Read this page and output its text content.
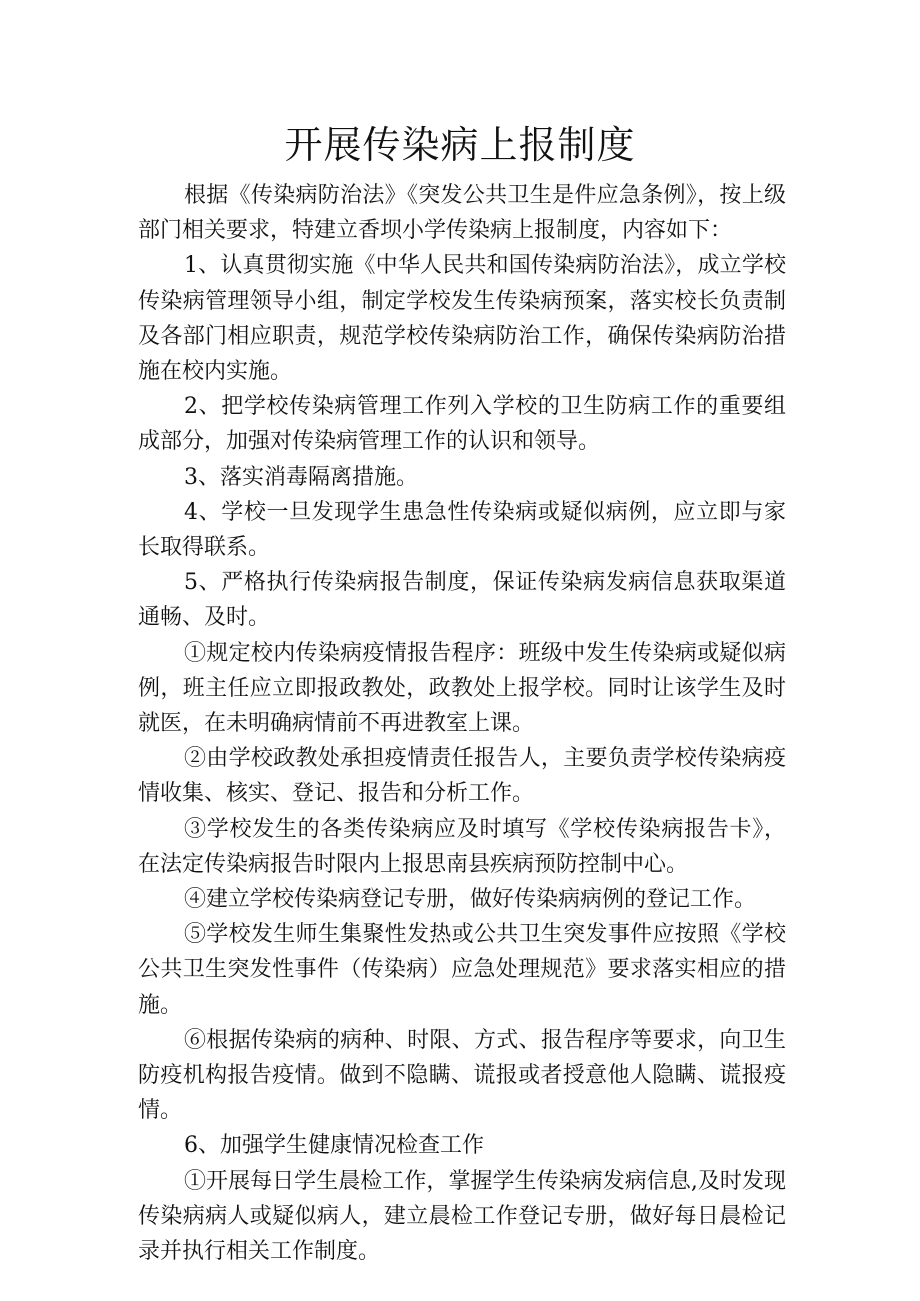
开展传染病上报制度

根据《传染病防治法》《突发公共卫生是件应急条例》，按上级部门相关要求，特建立香坝小学传染病上报制度，内容如下：

1、认真贯彻实施《中华人民共和国传染病防治法》，成立学校传染病管理领导小组，制定学校发生传染病预案，落实校长负责制及各部门相应职责，规范学校传染病防治工作，确保传染病防治措施在校内实施。

2、把学校传染病管理工作列入学校的卫生防病工作的重要组成部分，加强对传染病管理工作的认识和领导。

3、落实消毒隔离措施。

4、学校一旦发现学生患急性传染病或疑似病例，应立即与家长取得联系。

5、严格执行传染病报告制度，保证传染病发病信息获取渠道通畅、及时。

①规定校内传染病疫情报告程序：班级中发生传染病或疑似病例，班主任应立即报政教处，政教处上报学校。同时让该学生及时就医，在未明确病情前不再进教室上课。

②由学校政教处承担疫情责任报告人，主要负责学校传染病疫情收集、核实、登记、报告和分析工作。

③学校发生的各类传染病应及时填写《学校传染病报告卡》，在法定传染病报告时限内上报思南县疾病预防控制中心。

④建立学校传染病登记专册，做好传染病病例的登记工作。

⑤学校发生师生集聚性发热或公共卫生突发事件应按照《学校公共卫生突发性事件（传染病）应急处理规范》要求落实相应的措施。

⑥根据传染病的病种、时限、方式、报告程序等要求，向卫生防疫机构报告疫情。做到不隐瞒、谎报或者授意他人隐瞒、谎报疫情。

6、加强学生健康情况检查工作

①开展每日学生晨检工作，掌握学生传染病发病信息,及时发现传染病病人或疑似病人，建立晨检工作登记专册，做好每日晨检记录并执行相关工作制度。
